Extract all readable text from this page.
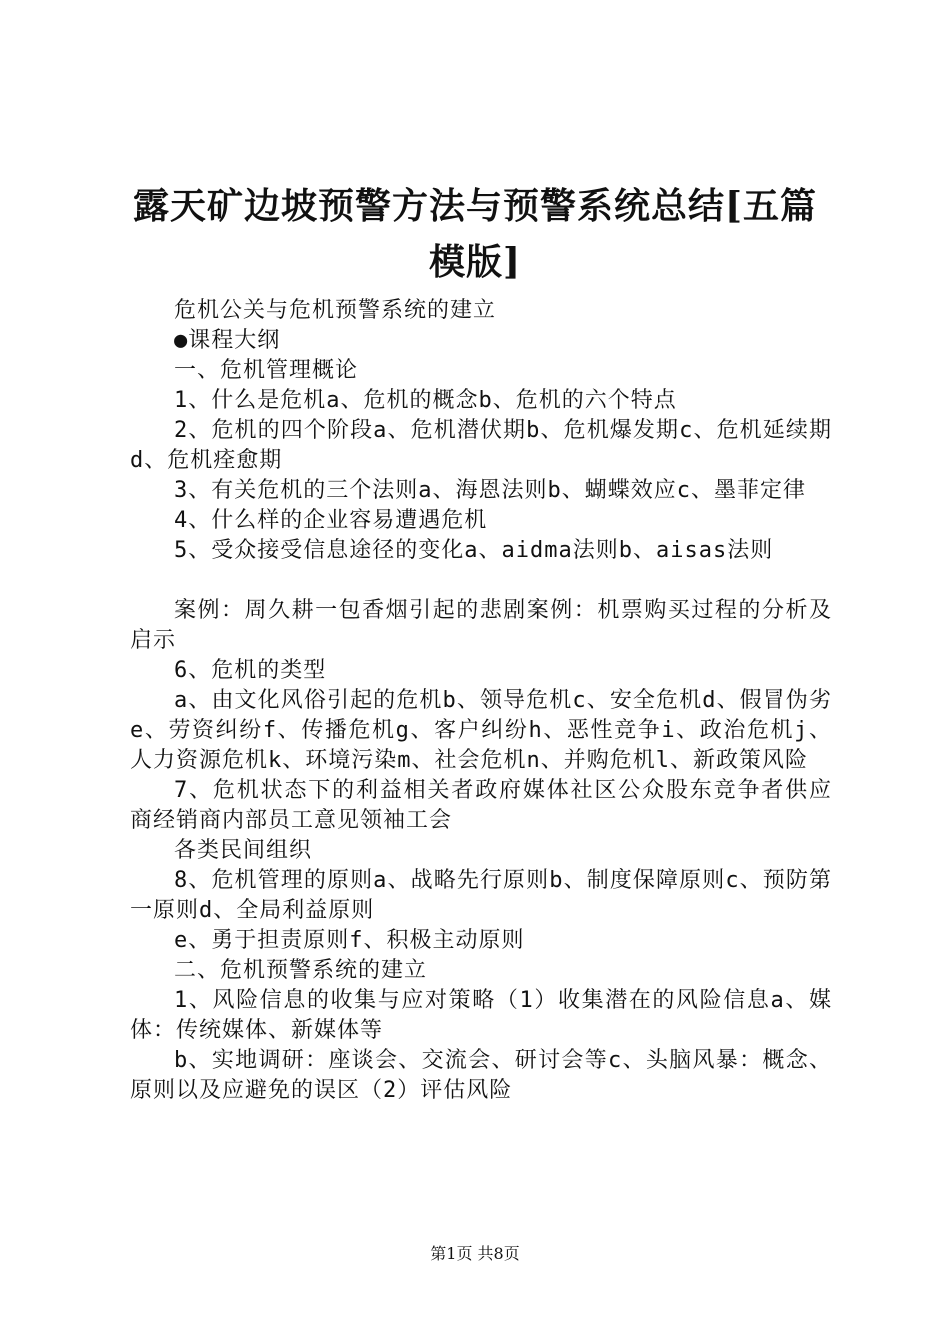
露天矿边坡预警方法与预警系统总结[五篇模版]

危机公关与危机预警系统的建立

●课程大纲

一、危机管理概论

1、什么是危机a、危机的概念b、危机的六个特点

2、危机的四个阶段a、危机潜伏期b、危机爆发期c、危机延续期d、危机痊愈期

3、有关危机的三个法则a、海恩法则b、蝴蝶效应c、墨菲定律

4、什么样的企业容易遭遇危机

5、受众接受信息途径的变化a、aidma法则b、aisas法则

案例：周久耕一包香烟引起的悲剧案例：机票购买过程的分析及启示

6、危机的类型

a、由文化风俗引起的危机b、领导危机c、安全危机d、假冒伪劣e、劳资纠纷f、传播危机g、客户纠纷h、恶性竞争i、政治危机j、人力资源危机k、环境污染m、社会危机n、并购危机l、新政策风险

7、危机状态下的利益相关者政府媒体社区公众股东竞争者供应商经销商内部员工意见领袖工会

各类民间组织

8、危机管理的原则a、战略先行原则b、制度保障原则c、预防第一原则d、全局利益原则

e、勇于担责原则f、积极主动原则

二、危机预警系统的建立

1、风险信息的收集与应对策略（1）收集潜在的风险信息a、媒体：传统媒体、新媒体等

b、实地调研：座谈会、交流会、研讨会等c、头脑风暴：概念、原则以及应避免的误区（2）评估风险

第1页 共8页
